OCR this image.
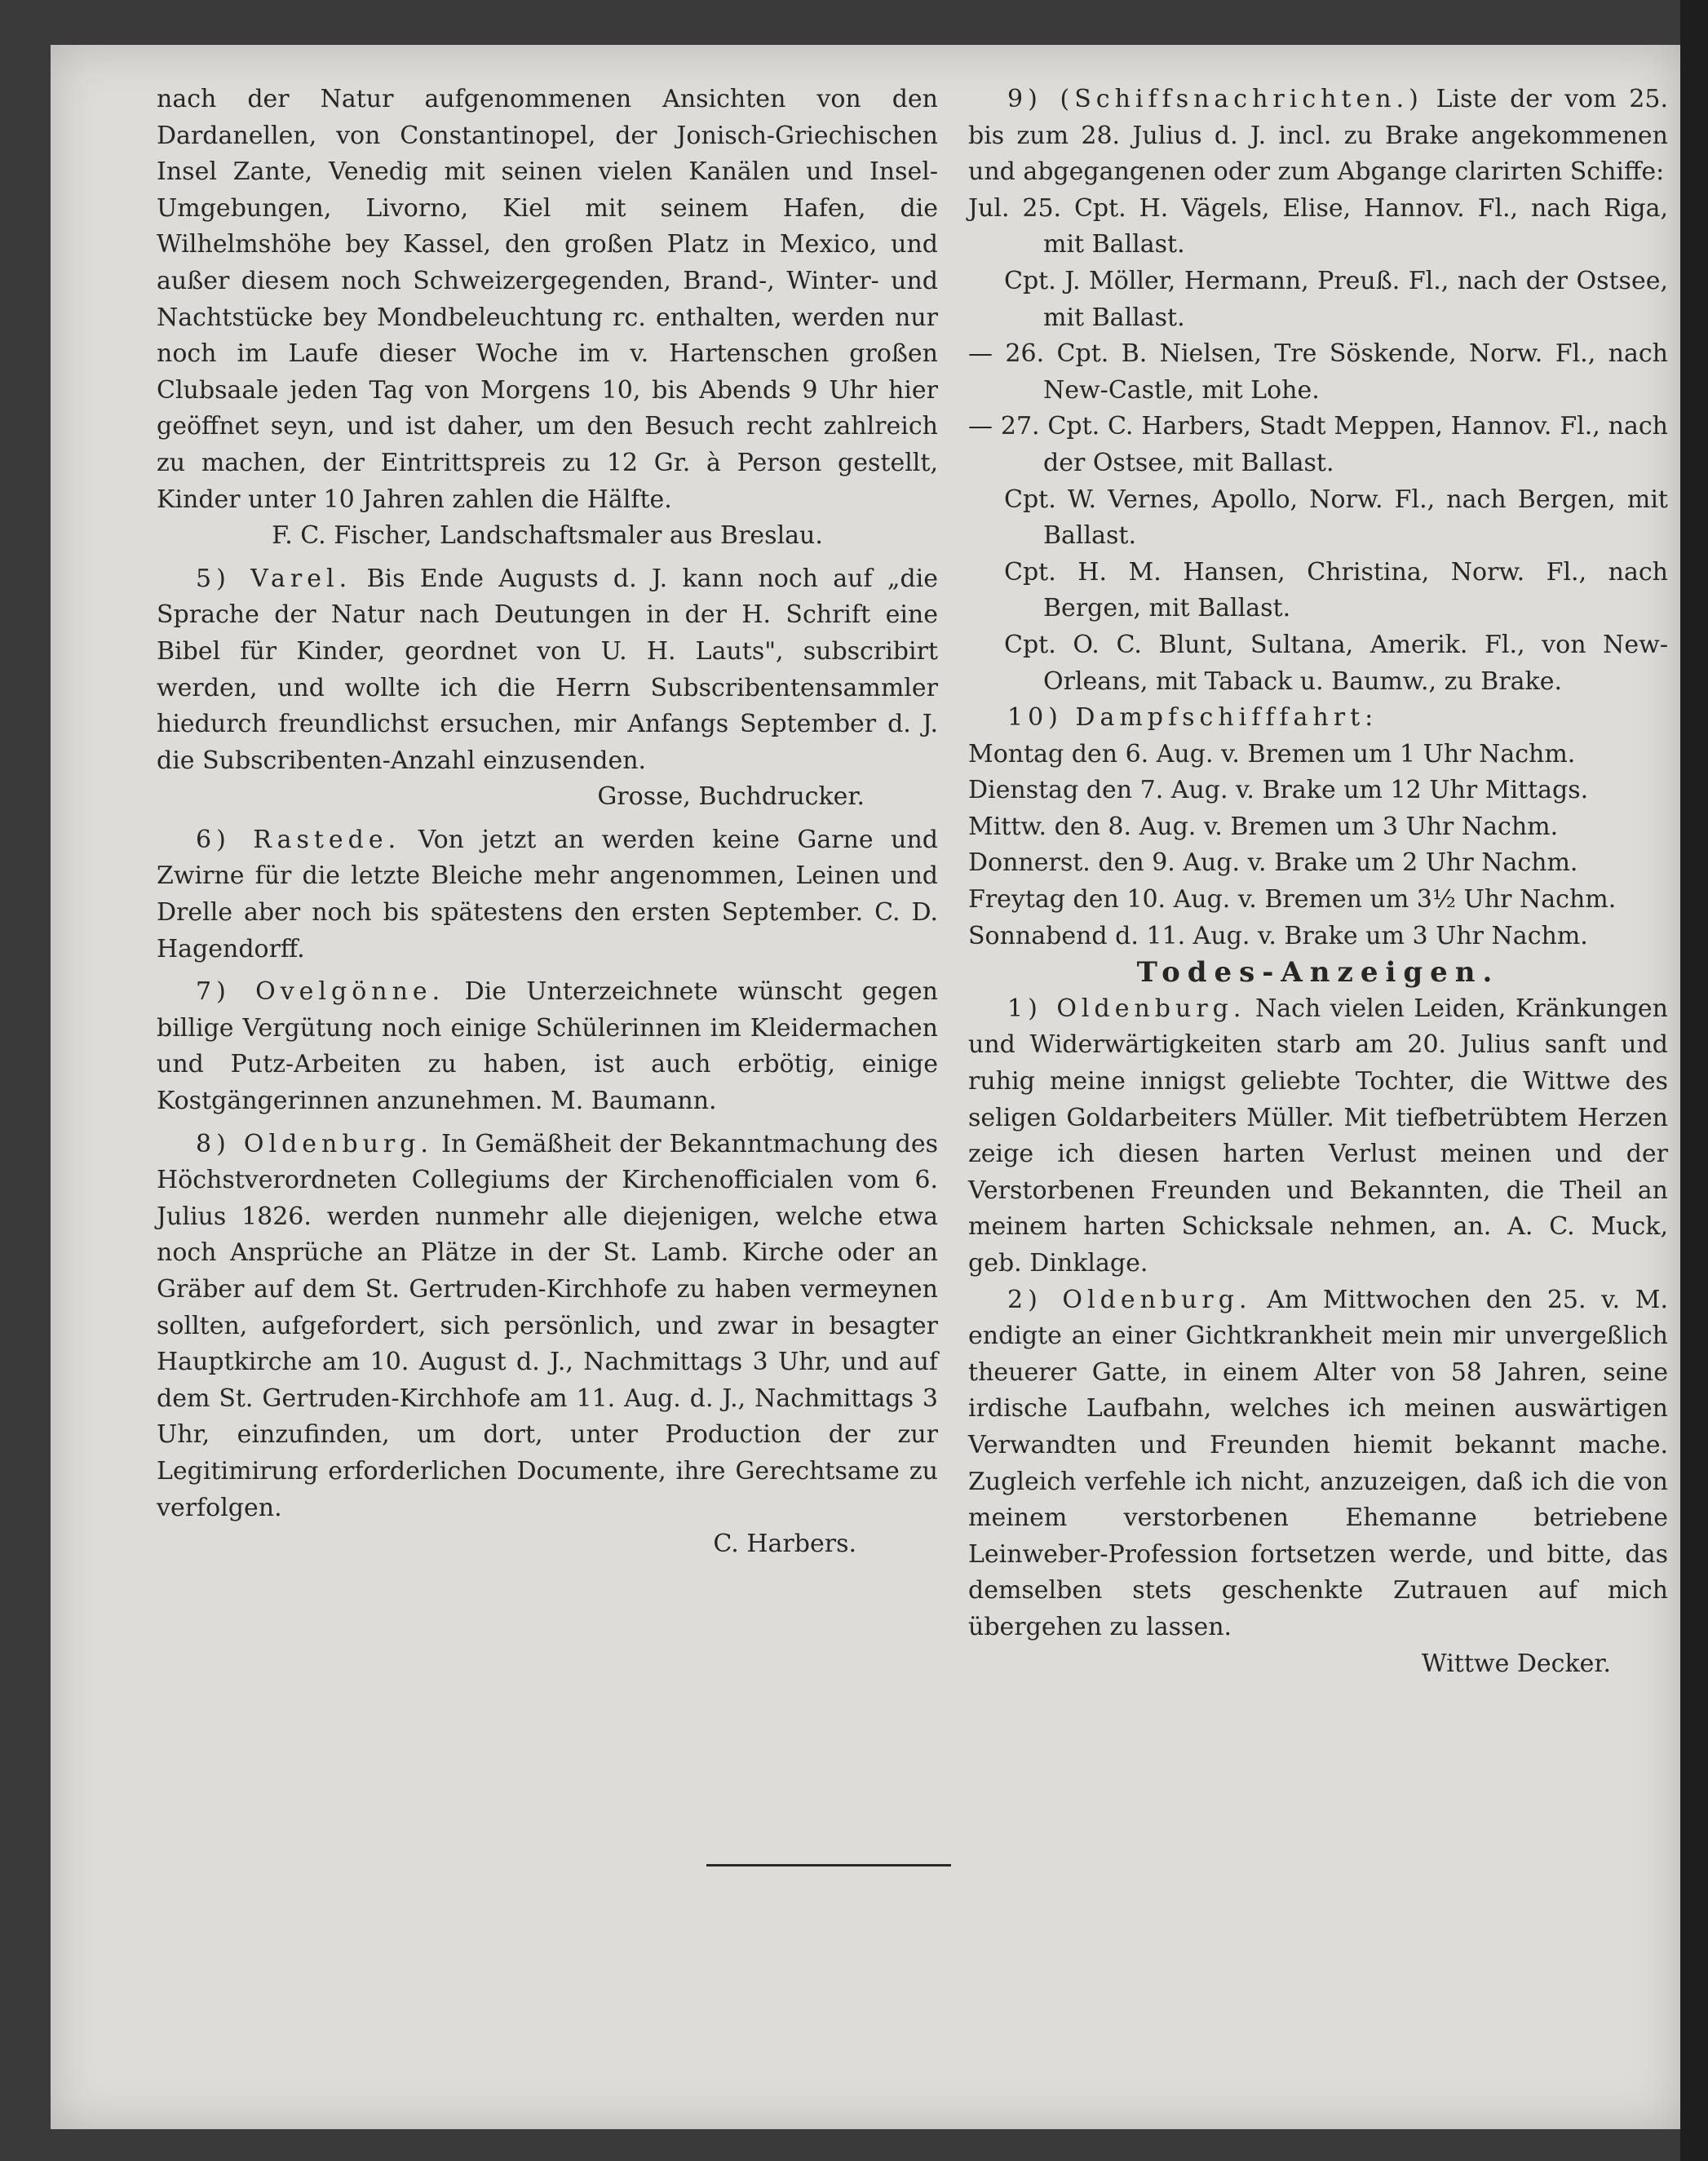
nach der Natur aufgenommenen Ansichten von den Dardanellen, von Constantinopel, der Jonisch-Griechischen Insel Zante, Venedig mit seinen vielen Kanälen und Insel-Umgebungen, Livorno, Kiel mit seinem Hafen, die Wilhelmshöhe bey Kassel, den großen Platz in Mexico, und außer diesem noch Schweizergegenden, Brand-, Winter- und Nachtstücke bey Mondbeleuchtung rc. enthalten, werden nur noch im Laufe dieser Woche im v. Hartenschen großen Clubsaale jeden Tag von Morgens 10, bis Abends 9 Uhr hier geöffnet seyn, und ist daher, um den Besuch recht zahlreich zu machen, der Eintrittspreis zu 12 Gr. à Person gestellt, Kinder unter 10 Jahren zahlen die Hälfte.

F. C. Fischer, Landschaftsmaler aus Breslau.

5) Varel. Bis Ende Augusts d. J. kann noch auf „die Sprache der Natur nach Deutungen in der H. Schrift eine Bibel für Kinder, geordnet von U. H. Lauts", subscribirt werden, und wollte ich die Herrn Subscribentensammler hiedurch freundlichst ersuchen, mir Anfangs September d. J. die Subscribenten-Anzahl einzusenden.

Grosse, Buchdrucker.

6) Rastede. Von jetzt an werden keine Garne und Zwirne für die letzte Bleiche mehr angenommen, Leinen und Drelle aber noch bis spätestens den ersten September. C. D. Hagendorff.

7) Ovelgönne. Die Unterzeichnete wünscht gegen billige Vergütung noch einige Schülerinnen im Kleidermachen und Putz-Arbeiten zu haben, ist auch erbötig, einige Kostgängerinnen anzunehmen. M. Baumann.

8) Oldenburg. In Gemäßheit der Bekanntmachung des Höchstverordneten Collegiums der Kirchenofficialen vom 6. Julius 1826. werden nunmehr alle diejenigen, welche etwa noch Ansprüche an Plätze in der St. Lamb. Kirche oder an Gräber auf dem St. Gertruden-Kirchhofe zu haben vermeynen sollten, aufgefordert, sich persönlich, und zwar in besagter Hauptkirche am 10. August d. J., Nachmittags 3 Uhr, und auf dem St. Gertruden-Kirchhofe am 11. Aug. d. J., Nachmittags 3 Uhr, einzufinden, um dort, unter Production der zur Legitimirung erforderlichen Documente, ihre Gerechtsame zu verfolgen.

C. Harbers.

9) (Schiffsnachrichten.) Liste der vom 25. bis zum 28. Julius d. J. incl. zu Brake angekommenen und abgegangenen oder zum Abgange clarirten Schiffe:

Jul. 25. Cpt. H. Vägels, Elise, Hannov. Fl., nach Riga, mit Ballast.

Cpt. J. Möller, Hermann, Preuß. Fl., nach der Ostsee, mit Ballast.

— 26. Cpt. B. Nielsen, Tre Söskende, Norw. Fl., nach New-Castle, mit Lohe.

— 27. Cpt. C. Harbers, Stadt Meppen, Hannov. Fl., nach der Ostsee, mit Ballast.

Cpt. W. Vernes, Apollo, Norw. Fl., nach Bergen, mit Ballast.

Cpt. H. M. Hansen, Christina, Norw. Fl., nach Bergen, mit Ballast.

Cpt. O. C. Blunt, Sultana, Amerik. Fl., von New-Orleans, mit Taback u. Baumw., zu Brake.

10) Dampfschifffahrt:

Montag den 6. Aug. v. Bremen um 1 Uhr Nachm.

Dienstag den 7. Aug. v. Brake um 12 Uhr Mittags.

Mittw. den 8. Aug. v. Bremen um 3 Uhr Nachm.

Donnerst. den 9. Aug. v. Brake um 2 Uhr Nachm.

Freytag den 10. Aug. v. Bremen um 3½ Uhr Nachm.

Sonnabend d. 11. Aug. v. Brake um 3 Uhr Nachm.

Todes-Anzeigen.

1) Oldenburg. Nach vielen Leiden, Kränkungen und Widerwärtigkeiten starb am 20. Julius sanft und ruhig meine innigst geliebte Tochter, die Wittwe des seligen Goldarbeiters Müller. Mit tiefbetrübtem Herzen zeige ich diesen harten Verlust meinen und der Verstorbenen Freunden und Bekannten, die Theil an meinem harten Schicksale nehmen, an. A. C. Muck, geb. Dinklage.

2) Oldenburg. Am Mittwochen den 25. v. M. endigte an einer Gichtkrankheit mein mir unvergeßlich theuerer Gatte, in einem Alter von 58 Jahren, seine irdische Laufbahn, welches ich meinen auswärtigen Verwandten und Freunden hiemit bekannt mache. Zugleich verfehle ich nicht, anzuzeigen, daß ich die von meinem verstorbenen Ehemanne betriebene Leinweber-Profession fortsetzen werde, und bitte, das demselben stets geschenkte Zutrauen auf mich übergehen zu lassen.

Wittwe Decker.
